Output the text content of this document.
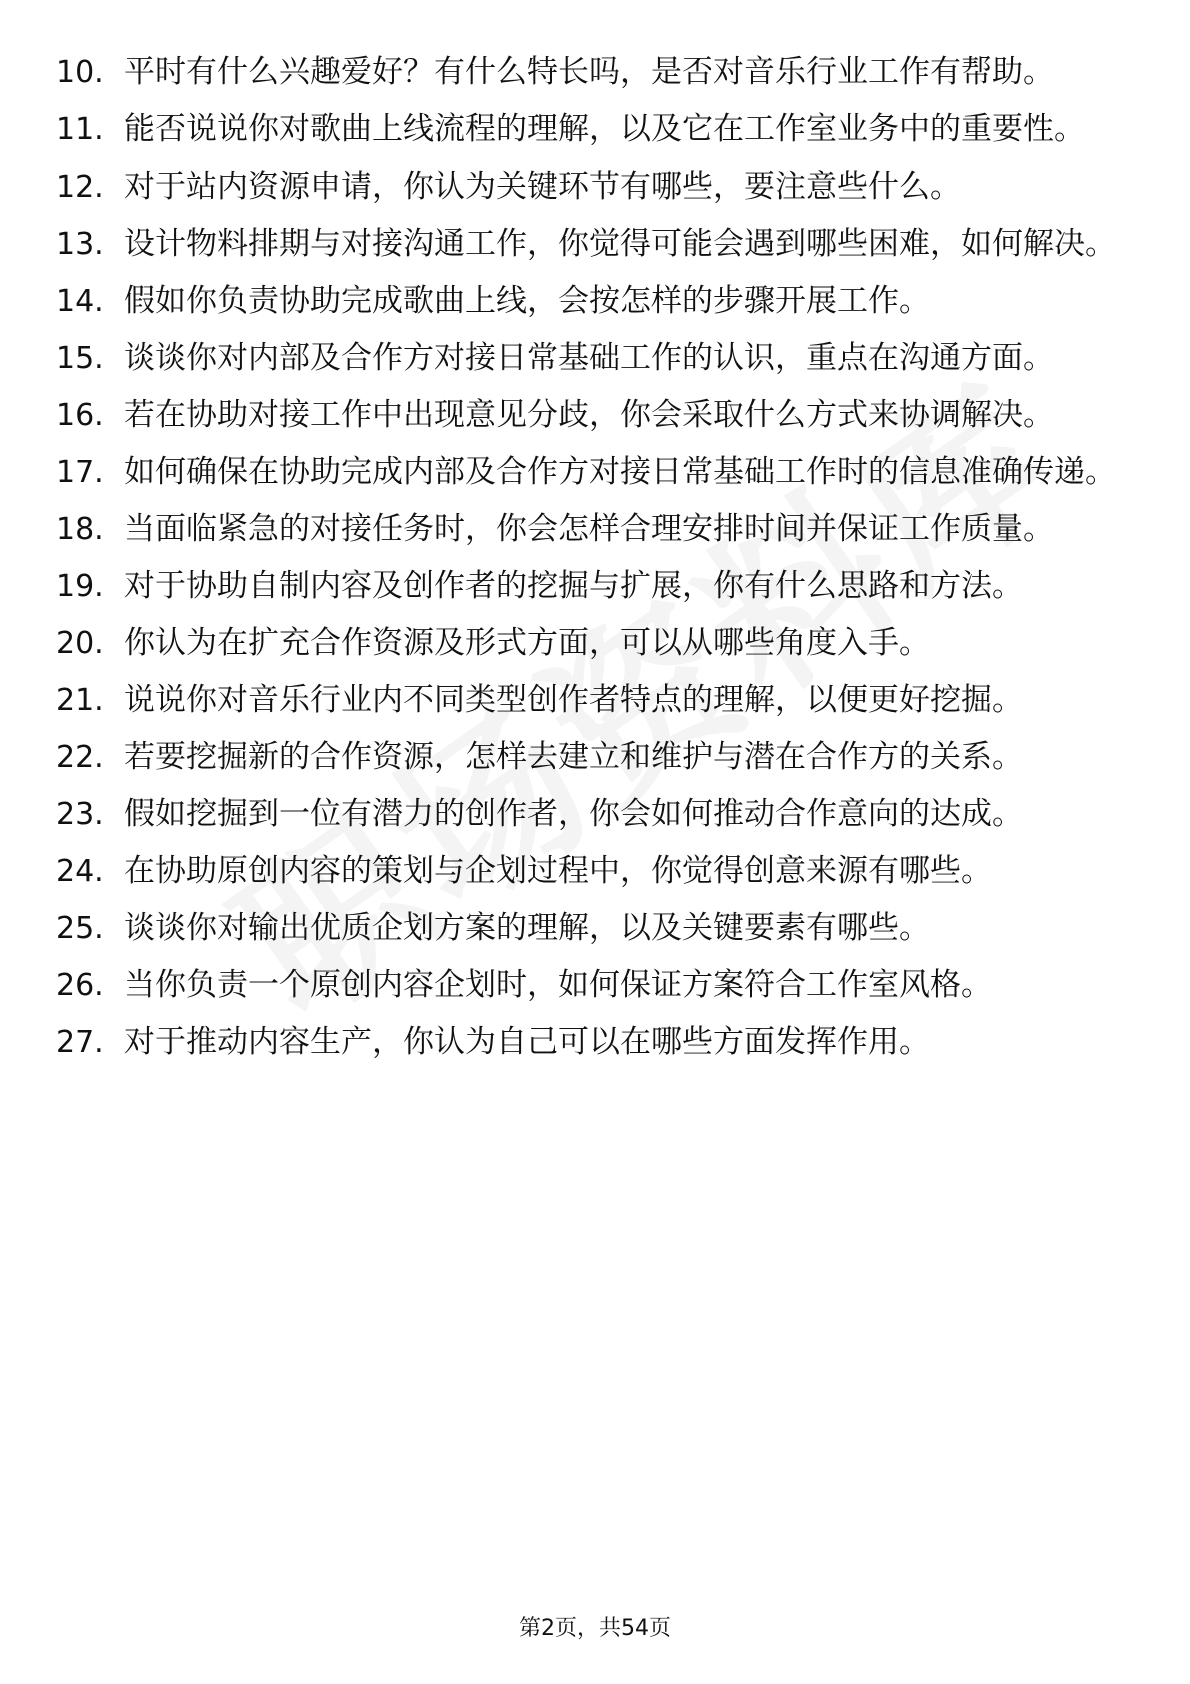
10. 平时有什么兴趣爱好？有什么特长吗，是否对音乐行业工作有帮助。
11. 能否说说你对歌曲上线流程的理解，以及它在工作室业务中的重要性。
12. 对于站内资源申请，你认为关键环节有哪些，要注意些什么。
13. 设计物料排期与对接沟通工作，你觉得可能会遇到哪些困难，如何解决。
14. 假如你负责协助完成歌曲上线，会按怎样的步骤开展工作。
15. 谈谈你对内部及合作方对接日常基础工作的认识，重点在沟通方面。
16. 若在协助对接工作中出现意见分歧，你会采取什么方式来协调解决。
17. 如何确保在协助完成内部及合作方对接日常基础工作时的信息准确传递。
18. 当面临紧急的对接任务时，你会怎样合理安排时间并保证工作质量。
19. 对于协助自制内容及创作者的挖掘与扩展，你有什么思路和方法。
20. 你认为在扩充合作资源及形式方面，可以从哪些角度入手。
21. 说说你对音乐行业内不同类型创作者特点的理解，以便更好挖掘。
22. 若要挖掘新的合作资源，怎样去建立和维护与潜在合作方的关系。
23. 假如挖掘到一位有潜力的创作者，你会如何推动合作意向的达成。
24. 在协助原创内容的策划与企划过程中，你觉得创意来源有哪些。
25. 谈谈你对输出优质企划方案的理解，以及关键要素有哪些。
26. 当你负责一个原创内容企划时，如何保证方案符合工作室风格。
27. 对于推动内容生产，你认为自己可以在哪些方面发挥作用。
第2页，共54页
